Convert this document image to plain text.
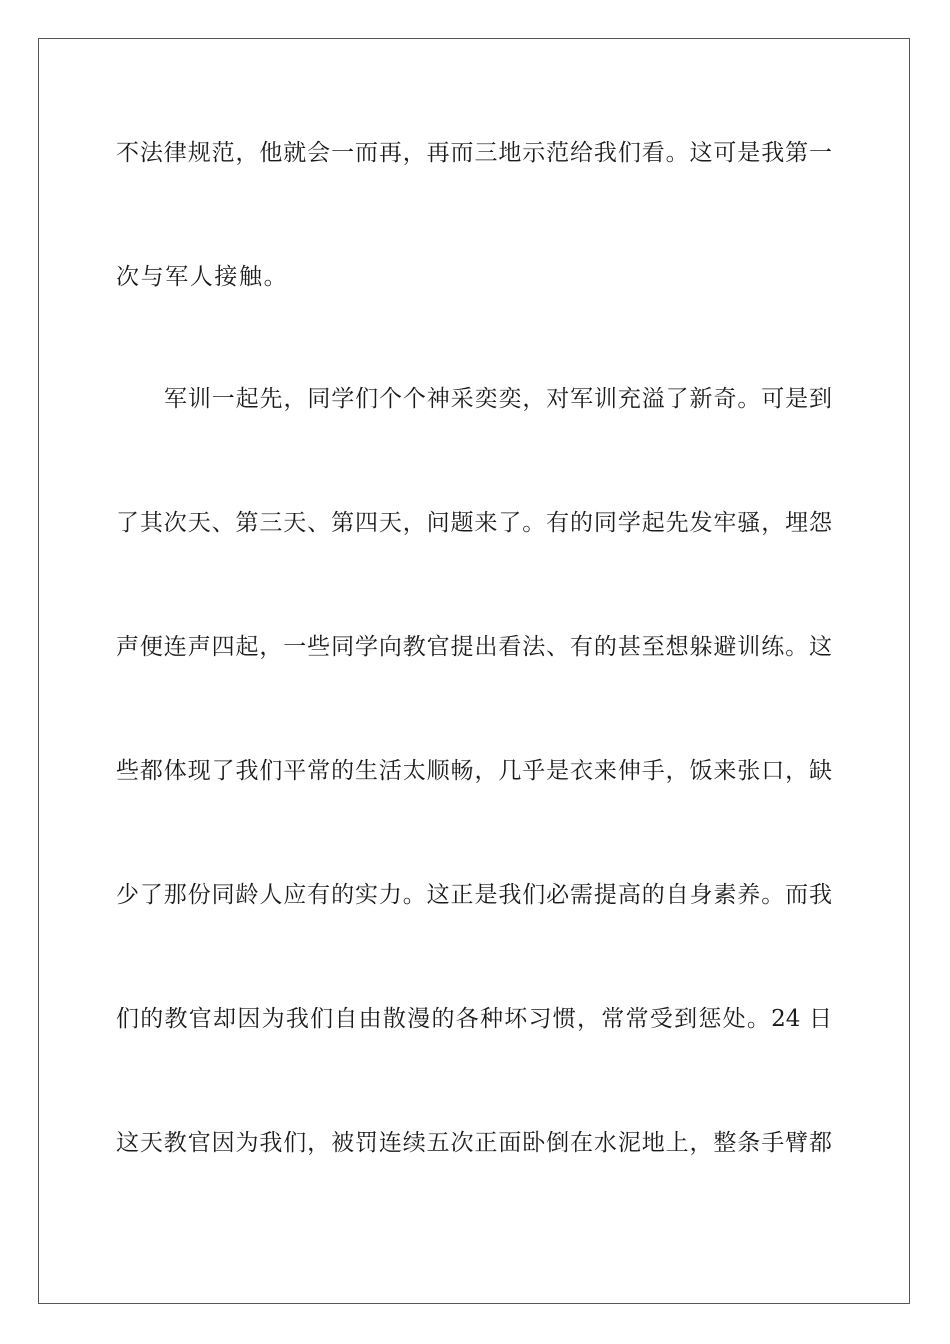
不法律规范，他就会一而再，再而三地示范给我们看。这可是我第一
次与军人接触。
军训一起先，同学们个个神采奕奕，对军训充溢了新奇。可是到
了其次天、第三天、第四天，问题来了。有的同学起先发牢骚，埋怨
声便连声四起，一些同学向教官提出看法、有的甚至想躲避训练。这
些都体现了我们平常的生活太顺畅，几乎是衣来伸手，饭来张口，缺
少了那份同龄人应有的实力。这正是我们必需提高的自身素养。而我
们的教官却因为我们自由散漫的各种坏习惯，常常受到惩处。24 日
这天教官因为我们，被罚连续五次正面卧倒在水泥地上，整条手臂都
